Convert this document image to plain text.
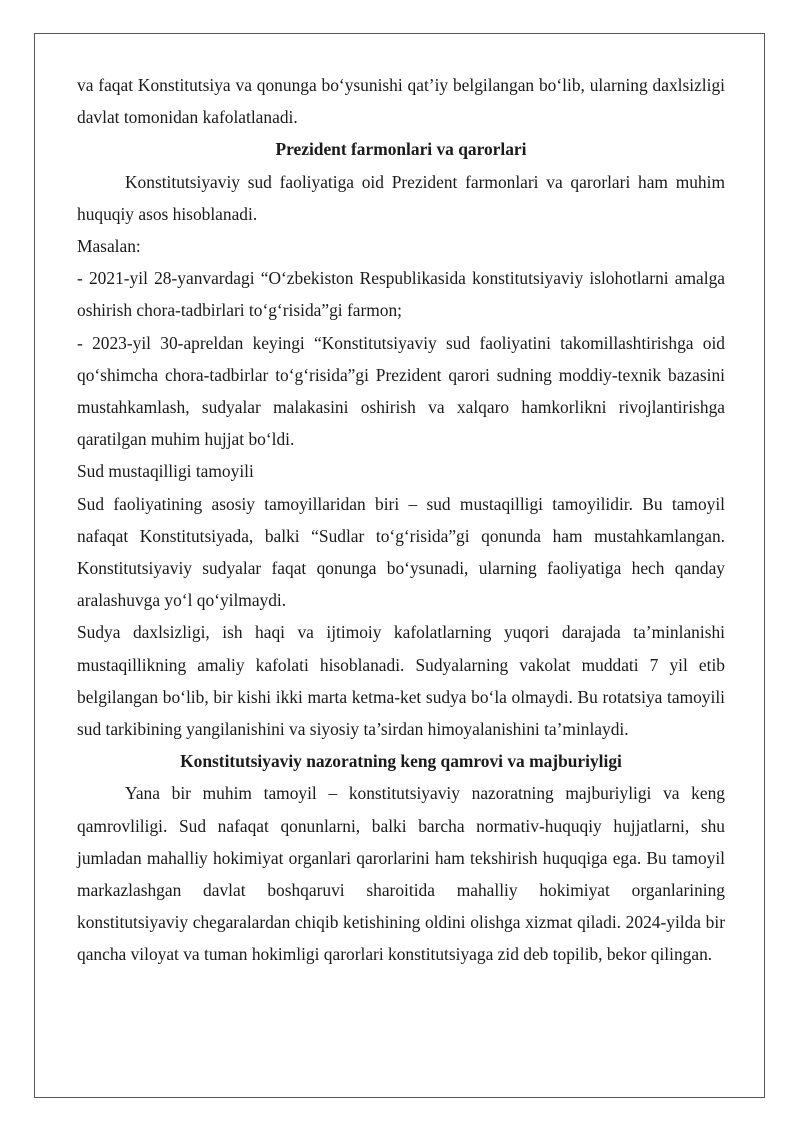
va faqat Konstitutsiya va qonunga bo‘ysunishi qat’iy belgilangan bo‘lib, ularning daxlsizligi davlat tomonidan kafolatlanadi.

Prezident farmonlari va qarorlari

Konstitutsiyaviy sud faoliyatiga oid Prezident farmonlari va qarorlari ham muhim huquqiy asos hisoblanadi.

Masalan:

- 2021-yil 28-yanvardagi “O‘zbekiston Respublikasida konstitutsiyaviy islohotlarni amalga oshirish chora-tadbirlari to‘g‘risida”gi farmon;

- 2023-yil 30-apreldan keyingi “Konstitutsiyaviy sud faoliyatini takomillashtirishga oid qo‘shimcha chora-tadbirlar to‘g‘risida”gi Prezident qarori sudning moddiy-texnik bazasini mustahkamlash, sudyalar malakasini oshirish va xalqaro hamkorlikni rivojlantirishga qaratilgan muhim hujjat bo‘ldi.

Sud mustaqilligi tamoyili

Sud faoliyatining asosiy tamoyillaridan biri – sud mustaqilligi tamoyilidir. Bu tamoyil nafaqat Konstitutsiyada, balki “Sudlar to‘g‘risida”gi qonunda ham mustahkamlangan. Konstitutsiyaviy sudyalar faqat qonunga bo‘ysunadi, ularning faoliyatiga hech qanday aralashuvga yo‘l qo‘yilmaydi.

Sudya daxlsizligi, ish haqi va ijtimoiy kafolatlarning yuqori darajada ta’minlanishi mustaqillikning amaliy kafolati hisoblanadi. Sudyalarning vakolat muddati 7 yil etib belgilangan bo‘lib, bir kishi ikki marta ketma-ket sudya bo‘la olmaydi. Bu rotatsiya tamoyili sud tarkibining yangilanishini va siyosiy ta’sirdan himoyalanishini ta’minlaydi.

Konstitutsiyaviy nazoratning keng qamrovi va majburiyligi

Yana bir muhim tamoyil – konstitutsiyaviy nazoratning majburiyligi va keng qamrovliligi. Sud nafaqat qonunlarni, balki barcha normativ-huquqiy hujjatlarni, shu jumladan mahalliy hokimiyat organlari qarorlarini ham tekshirish huquqiga ega. Bu tamoyil markazlashgan davlat boshqaruvi sharoitida mahalliy hokimiyat organlarining konstitutsiyaviy chegaralardan chiqib ketishining oldini olishga xizmat qiladi. 2024-yilda bir qancha viloyat va tuman hokimligi qarorlari konstitutsiyaga zid deb topilib, bekor qilingan.
